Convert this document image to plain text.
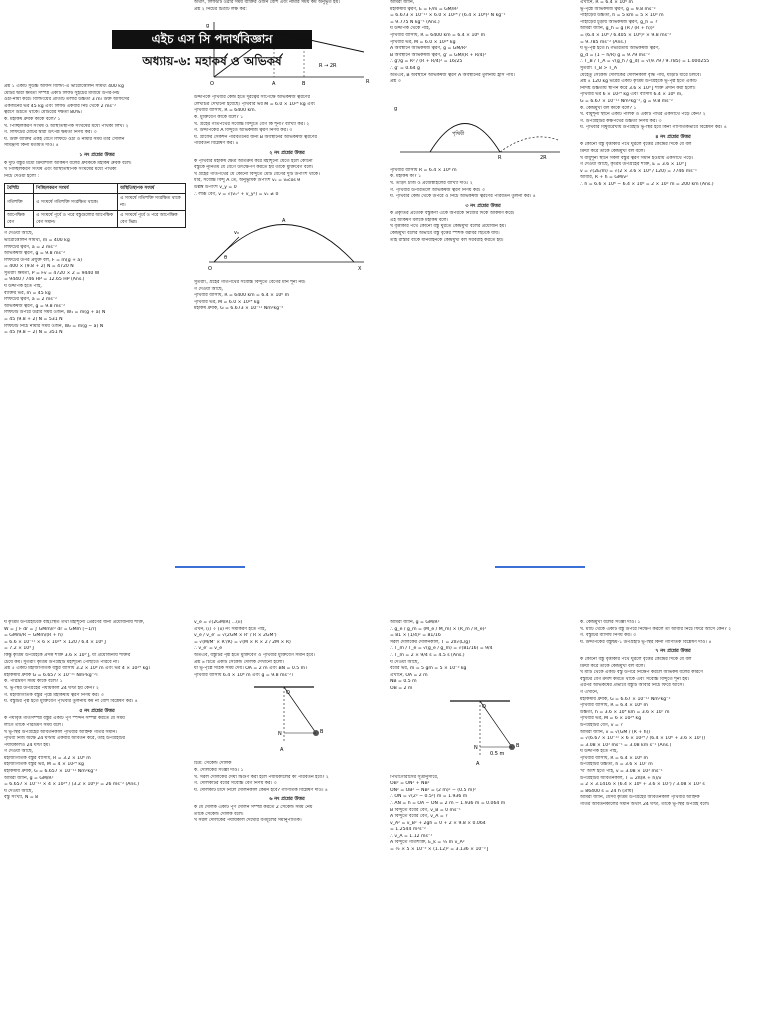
এইচ এস সি পদার্থবিজ্ঞান
অধ্যায়-৬: মহাকর্ষ ও অভিকর্ষ
প্রশ্ন ১ একটি সুউচ্চ অফিস বিল্ডিং-এ ভারোত্তোলন সামর্থ্য 400 kg
মোটর দ্বারা ক্ষমতা সম্পন্ন একটি লিফট সুইচের মাধ্যমে উপর-নিচ
ওঠা-নামা করে। বিল্ডিংয়ের প্রতিটি তলার উচ্চতা 3 m। উক্ত অফিসের
একজনের ভর 45 kg এবং লিফট একবার নিচ থেকে 2 ms⁻²
ত্বরণে উঠতে থাকে। মোটরের দক্ষতা 80%।
ক. মহাকর্ষ ধ্রুবক কাকে বলে? ১
খ. পিচ্ছিলকরণ সংঘর্ষ ও অস্থিতিস্থাপক সংঘর্ষের মধ্যে পার্থক্য লিখ। ২
গ. লিফটের মোটর দ্বারা উৎপন্ন ক্ষমতা নির্ণয় কর। ৩
ঘ. উক্ত ব্যক্তির একই বেগে লিফটে ওঠা ও নামার সময় তার সেলিন
সামঞ্জস্য কিনা মতামত দাও। ৪
১ নং প্রশ্নের উত্তর
ক দুটি বস্তুর মধ্যে ক্রিয়াশীল আকর্ষণ বলের ধ্রুবককে মহাকর্ষ ধ্রুবক বলে।
খ পিচ্ছিলকরণ সংঘর্ষ এবং অস্থিতিস্থাপক সংঘর্ষের মধ্যে পার্থক্য
নিচে দেওয়া হলো :
বৈশিষ্ট্য	পিচ্ছিলকরণ সংঘর্ষ	অস্থিতিস্থাপক সংঘর্ষ
গতিশক্তি	এ সংঘর্ষে গতিশক্তি সংরক্ষিত থাকে।	এ সংঘর্ষে গতিশক্তি সংরক্ষিত থাকে না।
আপেক্ষিক বেগ	এ সংঘর্ষে পূর্বে ও পরে বস্তুগুলোর আপেক্ষিক বেগ সমান।	এ সংঘর্ষে পূর্বে ও পরে আপেক্ষিক বেগ ভিন্ন।
গ দেওয়া আছে,
ভারোত্তোলন সামর্থ্য, m = 400 kg
লিফটের ত্বরণ, a = 2 ms⁻²
অভিকর্ষজ ত্বরণ, g = 9.8 ms⁻²
লিফটের উপর প্রযুক্ত বল, F = m(g + a)
= 400 × (9.8 + 2) N = 4720 N
সুতরাং ক্ষমতা, P = Fv = 4720 × 2 = 9440 W
= 9440 / 746 HP = 12.65 HP (Ans.)
ঘ উদ্দীপক হতে পাই,
ব্যক্তির ভর, m = 45 kg
লিফটের ত্বরণ, a = 2 ms⁻²
অভিকর্ষজ ত্বরণ, g = 9.8 ms⁻²
লিফটটি উপরে উঠার সময় ওজন, W₁ = m(g + a) N
= 45 (9.8 + 2) N = 531 N
লিফটটি নিচে নামার সময় ওজন, W₂ = m(g − a) N
= 45 (9.8 − 2) N = 351 N
অর্থাৎ, লিফটটি ওঠার সময় ব্যক্তির ওজন বেশি এবং নামার সময় কম অনুভূত হয়।
প্রশ্ন ২ নিচের চিত্রটি লক্ষ কর:
g
R
O	A	B
R → 2R
উদ্দীপকে পৃথিবীর কেন্দ্র হতে দূরত্বের সাপেক্ষে অভিকর্ষজ ত্বরণের
লেখচিত্র দেখানো হয়েছে। পৃথিবীর ভর M = 6.0 × 10²⁴ kg এবং
পৃথিবীর ব্যাসার্ধ, R = 6400 km.
ক. মুক্তিবেগ কাকে বলে? ১
খ. গ্রহের গতিপথের সর্বোচ্চ বিন্দুতে বেগ কি শূন্য? ব্যাখ্যা কর। ২
গ. উদ্দীপকের A বিন্দুতে অভিকর্ষজ ত্বরণ নির্ণয় কর। ৩
ঘ. গ্রাফের সেকশন পরিবর্তনের জন্য B অবস্থানের অভিকর্ষজ ত্বরণের
পরিবর্তন বিশ্লেষণ কর। ৪
২ নং প্রশ্নের উত্তর
ক পৃথিবীর মহাকর্ষ ক্ষেত্র অতিক্রম করে মহাশূন্যে যেতে হলে কোনো
বস্তুকে ন্যূনতম যে বেগে উৎক্ষেপণ করতে হয় তাকে মুক্তিবেগ বলে।
খ গ্রহের গতিপথের যে কোনো বিন্দুতে মোট বেগের দুটি উপাংশ থাকে।
ধরি, সর্বোচ্চ বিন্দু A তে, অনুভূমিক উপাংশ vₓ = v₀cos θ
উল্লম্ব উপাংশ v_y = 0
∴ লব্ধি বেগ, v = √(vₓ² + v_y²) = vₓ ≠ 0
O
A
v₀
θ
X
সুতরাং, গ্রহের গতিপথের সর্বোচ্চ বিন্দুতে বেগের মান শূন্য নয়।
গ দেওয়া আছে,
পৃথিবীর ব্যাসার্ধ, R = 6400 km = 6.4 × 10⁶ m
পৃথিবীর ভর, M = 6.0 × 10²⁴ kg
মহাকর্ষ ধ্রুবক, G = 6.673 × 10⁻¹¹ Nm²kg⁻²
আমরা জানি,
মহাকর্ষীয় ত্বরণ, E = F/m = GM/R²
= 6.673 × 10⁻¹¹ × 6.0 × 10²⁴ / (6.4 × 10⁶)² N kg⁻¹
= 9.775 N kg⁻¹ (Ans.)
ঘ উদ্দীপক থেকে পাই,
পৃথিবীর ব্যাসার্ধ, R = 6400 km = 6.4 × 10⁶ m
পৃথিবীর ভর, M = 6.0 × 10²⁴ kg
A অবস্থানে অভিকর্ষজ ত্বরণ, g = GM/R²
B অবস্থানে অভিকর্ষজ ত্বরণ, g' = GM/(R + R/4)²
∴ g'/g = R² / (R + R/4)² = 16/25
∴ g' = 0.64 g
অতএব, B অবস্থানে অভিকর্ষজ ত্বরণ A অবস্থানের তুলনায় হ্রাস পায়।
প্রশ্ন ৩
পৃথিবী
R	2R
g
পৃথিবীর ব্যাসার্ধ R = 6.4 × 10⁶ m
ক. মহাকর্ষ কী? ১
খ. তড়িৎ চার্জ ও প্রজেক্টাইলের ব্যাখ্যা দাও। ২
গ. পৃথিবীর উপরিতলে অভিকর্ষজ ত্বরণ নির্ণয় কর। ৩
ঘ. পৃথিবীর কেন্দ্র থেকে উপরে ও নিচে অভিকর্ষজ ত্বরণের পরিবর্তন তুলনা কর। ৪
৩ নং প্রশ্নের উত্তর
ক প্রকৃতির প্রত্যেক বস্তুকণা একে অপরকে নিজের দিকে আকর্ষণ করে।
এই আকর্ষণ বলকে মহাকর্ষ বলে।
খ বৃত্তাকার পথে কোনো বস্তু ঘুরতে কেন্দ্রমুখী বলের প্রয়োজন হয়।
কেন্দ্রমুখী বলের অভাবে বস্তু বৃত্তের স্পর্শক বরাবর ছিটকে যায়।
তাই রাস্তার বাঁকে যানবাহনকে কেন্দ্রমুখী বল সরবরাহ করতে হয়।
এখানে, R = 6.4 × 10⁶ m
ভূ-পৃষ্ঠে অভিকর্ষজ ত্বরণ, g = 9.8 ms⁻²
পাহাড়ের উচ্চতা, h = 5 km = 5 × 10³ m
পাহাড়ের চূড়ায় অভিকর্ষজ ত্বরণ, g_h = ?
আমরা জানি, g_h = g (R / (R + h))²
= (6.4 × 10⁶ / 6.405 × 10⁶)² × 9.8 ms⁻²
= 9.785 ms⁻² (Ans.)
ঘ ভূ-পৃষ্ঠ হতে h গভীরতায় অভিকর্ষজ ত্বরণ,
g_d = (1 − h/R) g = 9.79 ms⁻²
∴ T_B / T_A = √(g_h / g_d) = √(9.79 / 9.785) = 1.000255
সুতরাং T_B > T_A
যেহেতু সেকেন্ড দোলকের দোলনকাল বৃদ্ধি পায়, ঘড়িটি ধীরে চলবে।
প্রশ্ন ৪ 120 kg ভরের একটি কৃত্রিম উপগ্রহকে ভূ-পৃষ্ঠ হতে একটি
নির্দিষ্ট উচ্চতায় স্থাপন করে 3.6 × 10⁹ J শক্তি প্রদান করা হলো।
পৃথিবীর ভর 6 × 10²⁴ kg এবং ব্যাসার্ধ 6.4 × 10⁶ m,
G = 6.67 × 10⁻¹¹ Nm²kg⁻², g = 9.8 ms⁻²
ক. কেন্দ্রমুখী বল কাকে বলে? ১
খ. বায়ুশূন্য স্থানে একটি পালক ও একটি পাথর একসাথে পড়ে কেন? ২
গ. উপগ্রহটির কক্ষপথের উচ্চতা নির্ণয় কর। ৩
ঘ. পৃথিবীর বিষুবরেখায় উপগ্রহটি ভূ-স্থির হবে কিনা গাণিতিকভাবে বিশ্লেষণ কর। ৪
৪ নং প্রশ্নের উত্তর
ক কোনো বস্তু বৃত্তাকার পথে ঘুরলে বৃত্তের কেন্দ্রের দিকে যে বল
ক্রিয়া করে তাকে কেন্দ্রমুখী বল বলে।
খ বায়ুশূন্য স্থানে সকল বস্তুর ত্বরণ সমান হওয়ায় একসাথে পড়ে।
গ দেওয়া আছে, কৃত্রিম উপগ্রহের শক্তি, E = 3.6 × 10⁹ J
v = √(2E/m) = √(2 × 3.6 × 10⁹ / 120) = 7746 ms⁻¹
আবার, R + h = GM/v²
∴ h = 6.6 × 10⁶ − 6.4 × 10⁶ = 2 × 10⁵ m = 200 km (Ans.)
ঘ কৃত্রিম উপগ্রহটিকে বহিঃস্থিত তথা মহাশূন্যে প্রেরণের জন্য প্রয়োজনীয় শক্তি,
W = ∫ F dr = ∫ GMm/r² dr = GMm [−1/r]
= GMm/R − GMm/(R + h)
= 6.6 × 10⁻¹¹ × 6 × 10²⁴ × 120 / 6.4 × 10⁶ J
= 7.2 × 10⁹ J
কিন্তু কৃত্রিম উপগ্রহকে প্রদত্ত শক্তি 3.6 × 10⁹ J, যা প্রয়োজনীয় শক্তির
চেয়ে কম। সুতরাং কৃত্রিম উপগ্রহটি মহাশূন্যে পৌঁছাতে পারবে না।
প্রশ্ন ৫ একটি মহাজাগতিক বস্তুর ব্যাসার্ধ 3.2 × 10⁶ m এবং ভর 4 × 10²⁴ kg।
মহাকর্ষীয় ধ্রুবক G = 6.657 × 10⁻¹¹ Nm²kg⁻²।
ক. পরিভ্রমণ সময় কাকে বলে? ১
খ. ভূ-স্থির উপগ্রহের পর্যায়কাল 24 ঘণ্টা হয় কেন? ২
গ. মহাজাগতিক বস্তুর পৃষ্ঠে মহাকর্ষীয় ত্বরণ নির্ণয় কর। ৩
ঘ. বস্তুটির পৃষ্ঠ হতে মুক্তিবেগ পৃথিবীর তুলনায় কম না বেশি বিশ্লেষণ কর। ৪
৫ নং প্রশ্নের উত্তর
ক পর্যাবৃত্ত গতিসম্পন্ন বস্তুর একটি পূর্ণ স্পন্দন সম্পন্ন করতে যে সময়
লাগে তাকে পরিভ্রমণ সময় বলে।
খ ভূ-স্থির উপগ্রহের আবর্তনকাল পৃথিবীর আহ্নিক গতির সমান।
পৃথিবী নিজ অক্ষে 24 ঘণ্টায় একবার আবর্তন করে, তাই উপগ্রহটির
পর্যায়কালও 24 ঘণ্টা হয়।
গ দেওয়া আছে,
মহাজাগতিক বস্তুর ব্যাসার্ধ, R = 3.2 × 10⁶ m
মহাজাগতিক বস্তুর ভর, M = 4 × 10²⁴ kg
মহাকর্ষীয় ধ্রুবক, G = 6.657 × 10⁻¹¹ Nm²kg⁻²
আমরা জানি, g = GM/R²
= 6.657 × 10⁻¹¹ × 4 × 10²⁴ / (3.2 × 10⁶)² = 26 ms⁻² (Ans.)
ঘ দেওয়া আছে,
বস্তু সংখ্যা, N = 8
v_e = √(2GM/R) ...(ii)
এখন, (i) ÷ (ii) নং সমীকরণ হতে পাই,
v_e / v_e' = √(2GM × R' / R × 2GM')
= √(M/M' × R'/R) = √(M × R × 2 / 2M × R)
∴ v_e' = v_e
অতএব, বস্তুটির পৃষ্ঠ হতে মুক্তিবেগ ও পৃথিবীর মুক্তিবেগ সমান হবে।
প্রশ্ন ৬ চিত্রে একটি সেকেন্ড দোলক দেখানো হলো।
যা ভূ-পৃষ্ঠে সঠিক সময় দেয়। OA = 2 m এবং BN = 0.5 m।
পৃথিবীর ব্যাসার্ধ 6.4 × 10⁶ m এবং g = 9.8 ms⁻²।
O
A
B
N
চিত্র: সেকেন্ড দোলক
ক. দোলকের সংজ্ঞা দাও। ১
খ. সরল দোলকের দৈর্ঘ্য দ্বিগুণ করা হলে পর্যায়কালের কী পরিবর্তন হবে? ২
গ. দোলকটির ববের সর্বোচ্চ বেগ নির্ণয় কর। ৩
ঘ. দোলকটি চাঁদে নিলে দোলনকাল কেমন হবে? গাণিতিক বিশ্লেষণ দাও। ৪
৬ নং প্রশ্নের উত্তর
ক যে দোলক একটি পূর্ণ দোলন সম্পন্ন করতে 2 সেকেন্ড সময় নেয়
তাকে সেকেন্ড দোলক বলে।
খ সরল দোলকের পর্যায়কাল দৈর্ঘ্যের বর্গমূলের সমানুপাতিক।
আমরা জানি, g = GM/R²
∴ g_e / g_m = (M_e / M_m) × (R_m / R_e)²
= 81 × (1/4)² = 81/16
সরল দোলকের দোলনকাল, T = 2π√(L/g)
∴ T_m / T_e = √(g_e / g_m) = √(81/16) = 9/4
∴ T_m = 2 × 9/4 s = 4.5 s (Ans.)
ঘ দেওয়া আছে,
ববের ভর, m = 5 gm = 5 × 10⁻³ kg
এখানে, OA = 2 m
NB = 0.5 m
OB = 2 m
O
A
B
N
0.5 m
পিথাগোরাসের সূত্রানুসারে,
OB² = ON² + NB²
ON² = OB² − NB² = (2 m)² − (0.5 m)²
∴ ON = √(2² − 0.5²) m = 1.936 m
∴ AN = h = OA − ON = 2 m − 1.936 m = 0.064 m
B বিন্দুতে ববের বেগ, v_B = 0 ms⁻¹
A বিন্দুতে ববের বেগ, v_A = ?
v_A² = v_B² + 2gh = 0 + 2 × 9.8 × 0.064
= 1.2544 m²s⁻²
∴ v_A = 1.12 ms⁻¹
A বিন্দুতে গতিশক্তি, E_k = ½ m v_A²
= ½ × 5 × 10⁻³ × (1.12)² = 3.136 × 10⁻³ J
ক. কেন্দ্রমুখী বলের সংজ্ঞা দাও। ১
খ. মাটি থেকে একটি বস্তু উপরে নিক্ষেপ করলে তা আবার নিচে ফিরে আসে কেন? ২
গ. বস্তুটির ব্যাসার্ধ নির্ণয় কর। ৩
ঘ. উদ্দীপকের বস্তুদ্বয়-১ উপগ্রহটি ভূ-স্থির কিনা গাণিতিক বিশ্লেষণ দাও। ৪
৭ নং প্রশ্নের উত্তর
ক কোনো বস্তু বৃত্তাকার পথে ঘুরলে বৃত্তের কেন্দ্রের দিকে যে বল
ক্রিয়া করে তাকে কেন্দ্রমুখী বল বলে।
খ মাটি থেকে একটি বস্তু উপরে নিক্ষেপ করলে অভিকর্ষ বলের কারণে
বস্তুটির বেগ ক্রমশ কমতে থাকে এবং সর্বোচ্চ বিন্দুতে শূন্য হয়।
এরপর অভিকর্ষের প্রভাবে বস্তুটি আবার নিচে ফিরে আসে।
গ এখানে,
মহাকর্ষীয় ধ্রুবক, G = 6.67 × 10⁻¹¹ Nm²kg⁻²
পৃথিবীর ব্যাসার্ধ, R = 6.4 × 10⁶ m
উচ্চতা, h = 3.6 × 10⁴ km = 3.6 × 10⁷ m
পৃথিবীর ভর, M = 6 × 10²⁴ kg
উপগ্রহটির বেগ, v = ?
আমরা জানি, v = √(GM / (R + h))
= √(6.67 × 10⁻¹¹ × 6 × 10²⁴ / (6.4 × 10⁶ + 3.6 × 10⁷))
= 3.08 × 10³ ms⁻¹ = 3.08 km s⁻¹ (Ans.)
ঘ উদ্দীপক হতে পাই,
পৃথিবীর ব্যাসার্ধ, R = 6.4 × 10⁶ m
উপগ্রহটির উচ্চতা, h = 3.6 × 10⁷ m
'ঘ' অংশ হতে পাই, v = 3.08 × 10³ ms⁻¹
উপগ্রহটির আবর্তনকাল, T = 2π(R + h)/v
= 2 × 3.1416 × (6.4 × 10⁶ + 3.6 × 10⁷) / 3.08 × 10³ s
= 86400 s = 24 h (প্রায়)
আমরা জানি, যেসব কৃত্রিম উপগ্রহের আবর্তনকাল পৃথিবীর আহ্নিক
গতির আবর্তনকালের সমান অর্থাৎ 24 ঘণ্টা, তাকে ভূ-স্থির উপগ্রহ বলে।
